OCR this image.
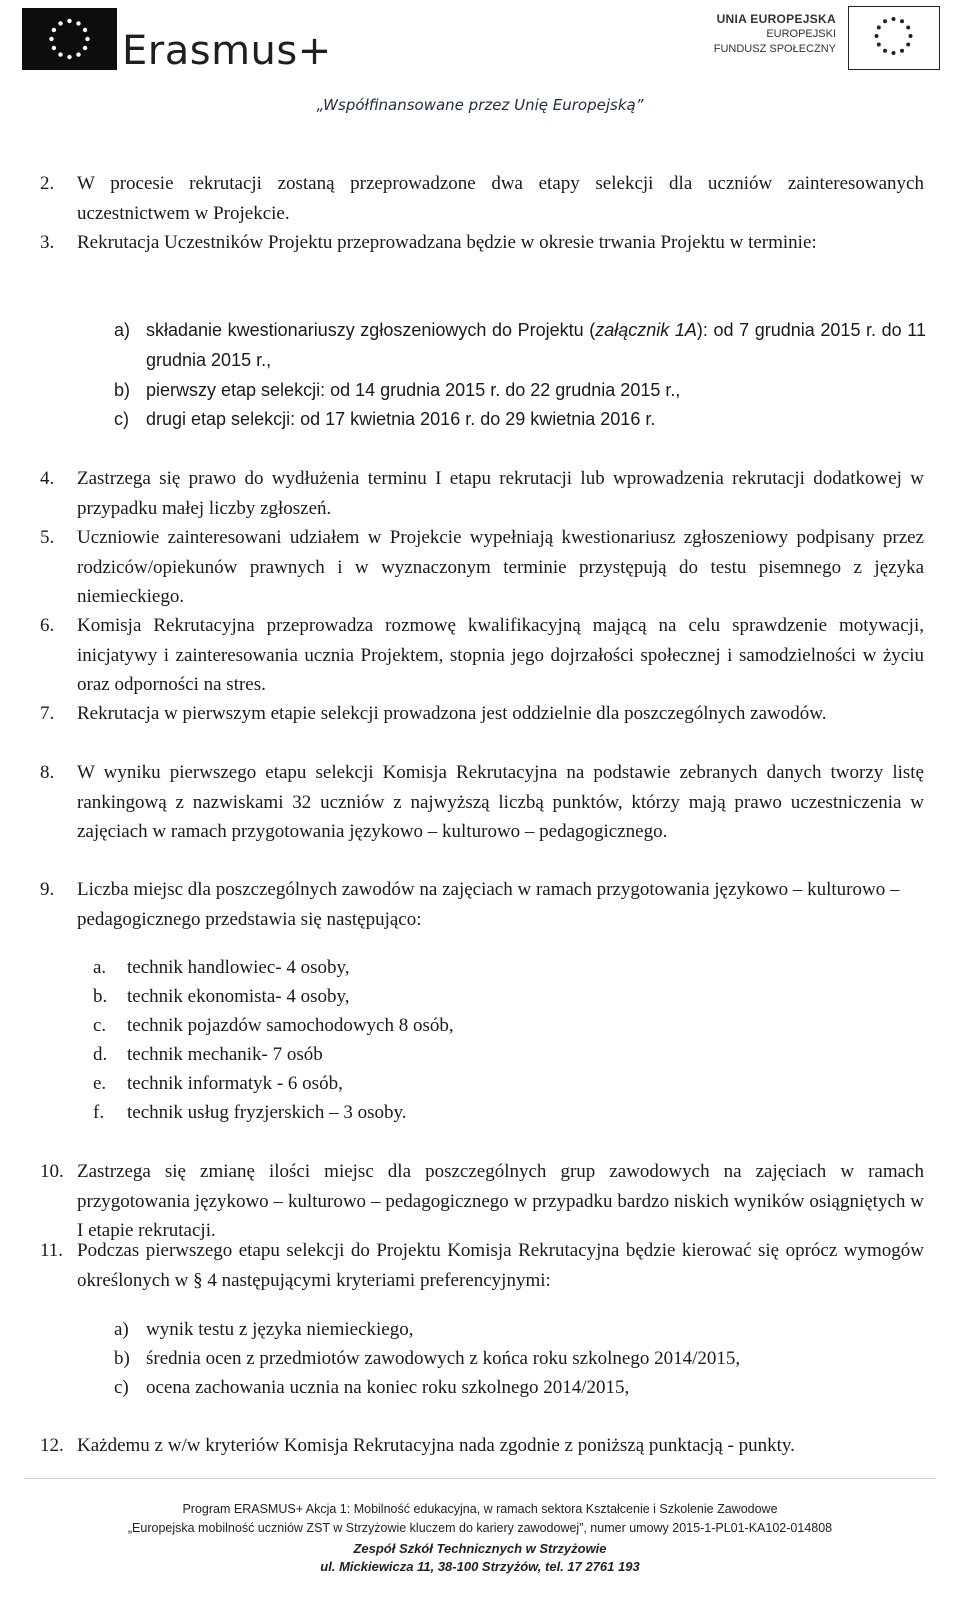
Erasmus+
UNIA EUROPEJSKA
EUROPEJSKI
FUNDUSZ SPOŁECZNY
„Współfinansowane przez Unię Europejską”
2. W procesie rekrutacji zostaną przeprowadzone dwa etapy selekcji dla uczniów zainteresowanych uczestnictwem w Projekcie.
3. Rekrutacja Uczestników Projektu przeprowadzana będzie w okresie trwania Projektu w terminie:
a) składanie kwestionariuszy zgłoszeniowych do Projektu (załącznik 1A): od 7 grudnia 2015 r. do 11 grudnia 2015 r.,
b) pierwszy etap selekcji: od 14 grudnia 2015 r. do 22 grudnia 2015 r.,
c) drugi etap selekcji: od 17 kwietnia 2016 r. do 29 kwietnia 2016 r.
4. Zastrzega się prawo do wydłużenia terminu I etapu rekrutacji lub wprowadzenia rekrutacji dodatkowej w przypadku małej liczby zgłoszeń.
5. Uczniowie zainteresowani udziałem w Projekcie wypełniają kwestionariusz zgłoszeniowy podpisany przez rodziców/opiekunów prawnych i w wyznaczonym terminie przystępują do testu pisemnego z języka niemieckiego.
6. Komisja Rekrutacyjna przeprowadza rozmowę kwalifikacyjną mającą na celu sprawdzenie motywacji, inicjatywy i zainteresowania ucznia Projektem, stopnia jego dojrzałości społecznej i samodzielności w życiu oraz odporności na stres.
7. Rekrutacja w pierwszym etapie selekcji prowadzona jest oddzielnie dla poszczególnych zawodów.
8. W wyniku pierwszego etapu selekcji Komisja Rekrutacyjna na podstawie zebranych danych tworzy listę rankingową z nazwiskami 32 uczniów z najwyższą liczbą punktów, którzy mają prawo uczestniczenia w zajęciach w ramach przygotowania językowo – kulturowo – pedagogicznego.
9. Liczba miejsc dla poszczególnych zawodów na zajęciach w ramach przygotowania językowo – kulturowo – pedagogicznego przedstawia się następująco:
a. technik handlowiec- 4 osoby,
b. technik ekonomista- 4 osoby,
c. technik pojazdów samochodowych 8 osób,
d. technik mechanik- 7 osób
e. technik informatyk - 6 osób,
f. technik usług fryzjerskich – 3 osoby.
10. Zastrzega się zmianę ilości miejsc dla poszczególnych grup zawodowych na zajęciach w ramach przygotowania językowo – kulturowo – pedagogicznego w przypadku bardzo niskich wyników osiągniętych w I etapie rekrutacji.
11. Podczas pierwszego etapu selekcji do Projektu Komisja Rekrutacyjna będzie kierować się oprócz wymogów określonych w § 4 następującymi kryteriami preferencyjnymi:
a) wynik testu z języka niemieckiego,
b) średnia ocen z przedmiotów zawodowych z końca roku szkolnego 2014/2015,
c) ocena zachowania ucznia na koniec roku szkolnego 2014/2015,
12. Każdemu z w/w kryteriów Komisja Rekrutacyjna nada zgodnie z poniższą punktacją - punkty.
Program ERASMUS+ Akcja 1: Mobilność edukacyjna, w ramach sektora Kształcenie i Szkolenie Zawodowe
„Europejska mobilność uczniów ZST w Strzyżowie kluczem do kariery zawodowej”, numer umowy 2015-1-PL01-KA102-014808
Zespół Szkół Technicznych w Strzyżowie
ul. Mickiewicza 11, 38-100 Strzyżów, tel. 17 2761 193
